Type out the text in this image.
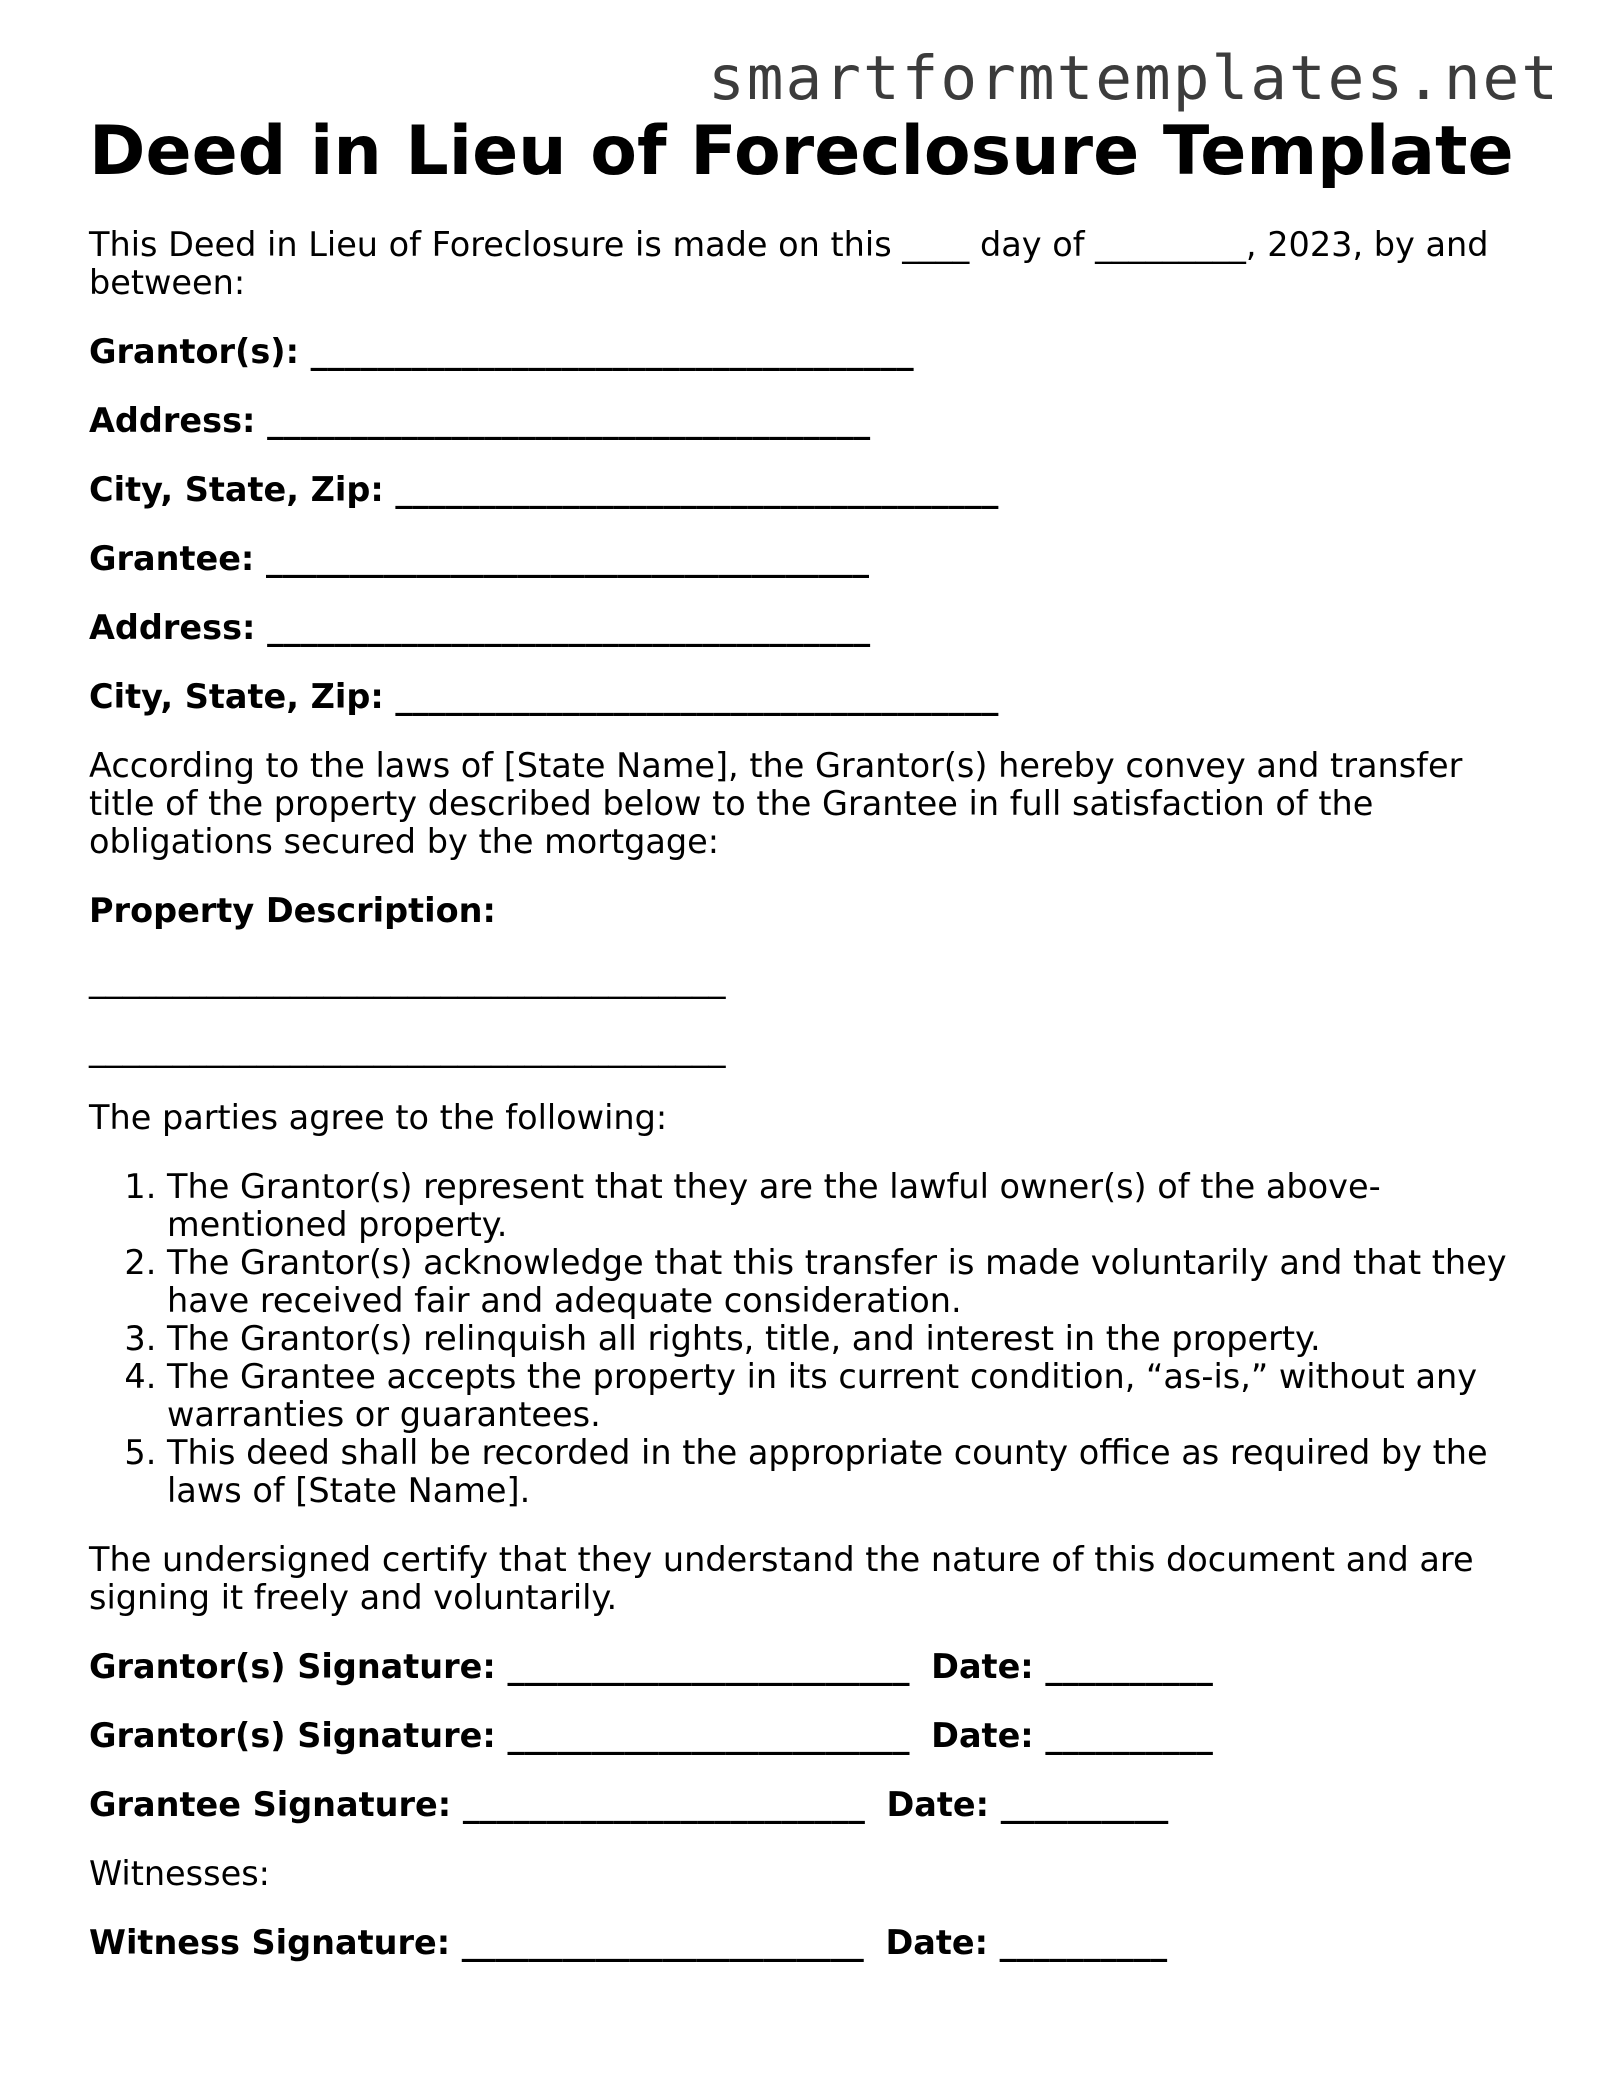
smartformtemplates.net
Deed in Lieu of Foreclosure Template

This Deed in Lieu of Foreclosure is made on this ____ day of _________, 2023, by and between:

Grantor(s): ____________________________________

Address: ____________________________________

City, State, Zip: ____________________________________

Grantee: ____________________________________

Address: ____________________________________

City, State, Zip: ____________________________________

According to the laws of [State Name], the Grantor(s) hereby convey and transfer title of the property described below to the Grantee in full satisfaction of the obligations secured by the mortgage:

Property Description:

______________________________________

______________________________________

The parties agree to the following:

1. The Grantor(s) represent that they are the lawful owner(s) of the above-mentioned property.
2. The Grantor(s) acknowledge that this transfer is made voluntarily and that they have received fair and adequate consideration.
3. The Grantor(s) relinquish all rights, title, and interest in the property.
4. The Grantee accepts the property in its current condition, “as-is,” without any warranties or guarantees.
5. This deed shall be recorded in the appropriate county office as required by the laws of [State Name].

The undersigned certify that they understand the nature of this document and are signing it freely and voluntarily.

Grantor(s) Signature: ________________________ Date: __________

Grantor(s) Signature: ________________________ Date: __________

Grantee Signature: ________________________ Date: __________

Witnesses:

Witness Signature: ________________________ Date: __________
